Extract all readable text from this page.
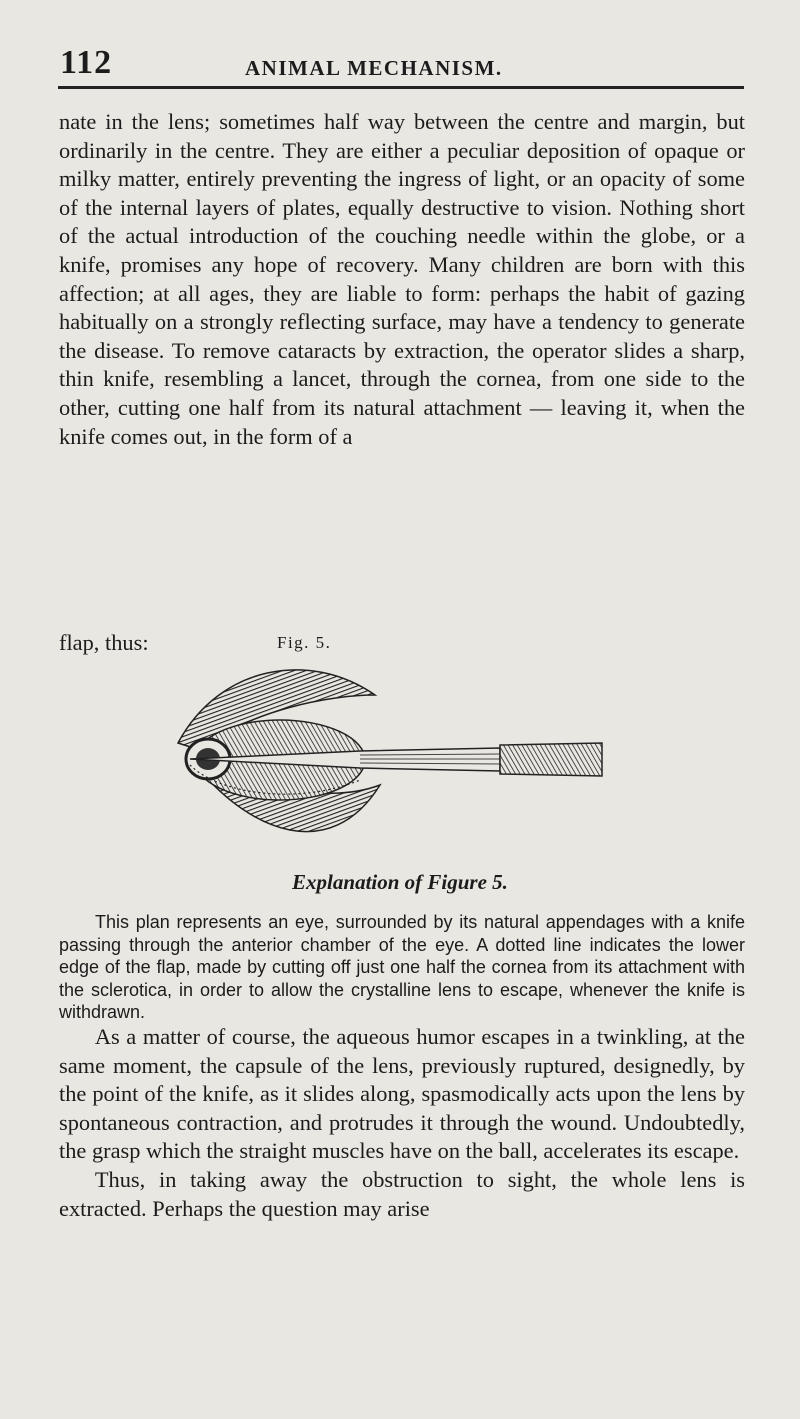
112	ANIMAL MECHANISM.

nate in the lens; sometimes half way between the centre and margin, but ordinarily in the centre. They are either a peculiar deposition of opaque or milky matter, entirely preventing the ingress of light, or an opacity of some of the internal layers of plates, equally destructive to vision. Nothing short of the actual introduction of the couching needle within the globe, or a knife, promises any hope of recovery. Many children are born with this affection; at all ages, they are liable to form: perhaps the habit of gazing habitually on a strongly reflecting surface, may have a tendency to generate the disease. To remove cataracts by extraction, the operator slides a sharp, thin knife, resembling a lancet, through the cornea, from one side to the other, cutting one half from its natural attachment — leaving it, when the knife comes out, in the form of a

flap, thus:	Fig. 5.
Explanation of Figure 5.

This plan represents an eye, surrounded by its natural appendages with a knife passing through the anterior chamber of the eye. A dotted line indicates the lower edge of the flap, made by cutting off just one half the cornea from its attachment with the sclerotica, in order to allow the crystalline lens to escape, whenever the knife is withdrawn.

As a matter of course, the aqueous humor escapes in a twinkling, at the same moment, the capsule of the lens, previously ruptured, designedly, by the point of the knife, as it slides along, spasmodically acts upon the lens by spontaneous contraction, and protrudes it through the wound. Undoubtedly, the grasp which the straight muscles have on the ball, accelerates its escape.

Thus, in taking away the obstruction to sight, the whole lens is extracted. Perhaps the question may arise
